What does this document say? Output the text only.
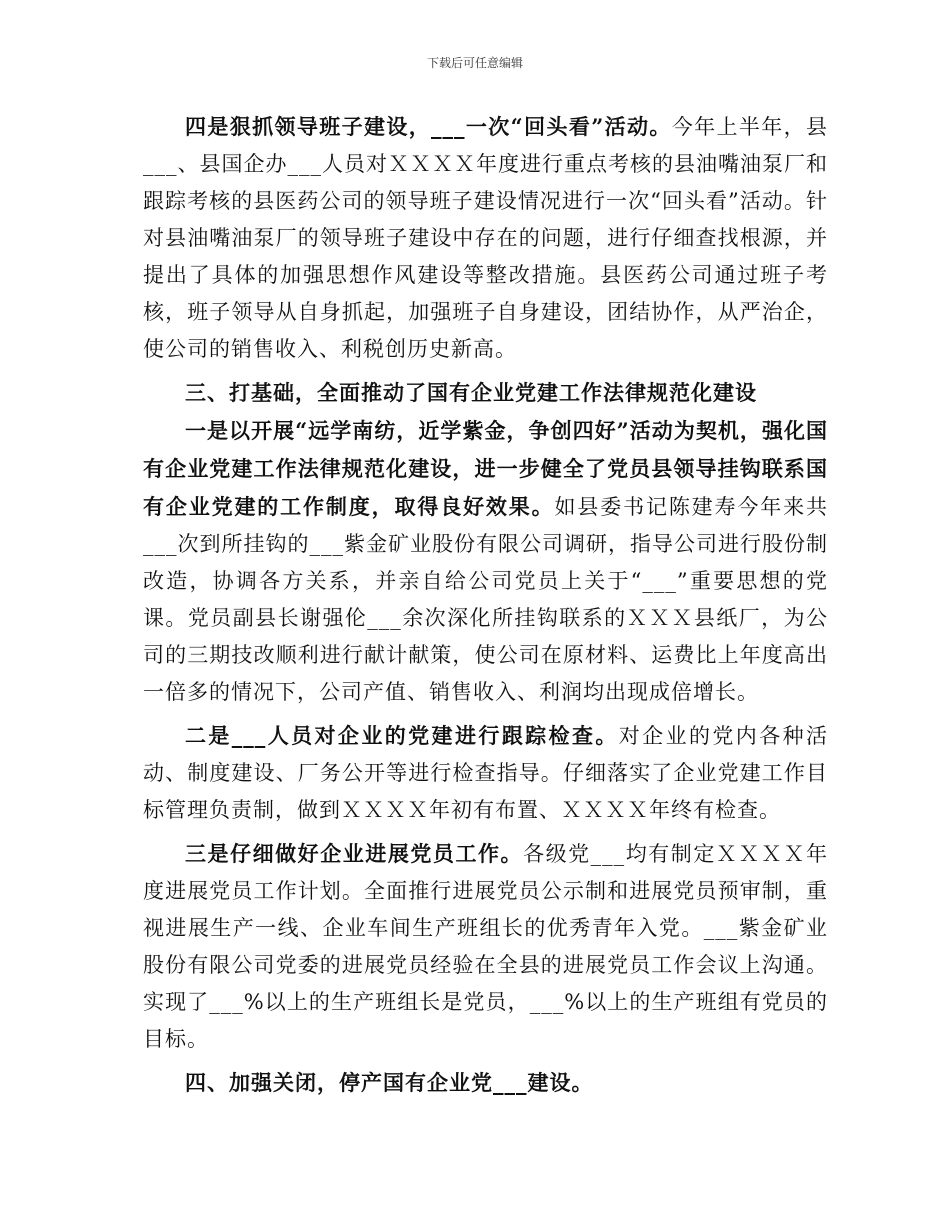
下载后可任意编辑

四是狠抓领导班子建设，___一次“回头看”活动。今年上半年，县___、县国企办___人员对ＸＸＸＸ年度进行重点考核的县油嘴油泵厂和跟踪考核的县医药公司的领导班子建设情况进行一次“回头看”活动。针对县油嘴油泵厂的领导班子建设中存在的问题，进行仔细查找根源，并提出了具体的加强思想作风建设等整改措施。县医药公司通过班子考核，班子领导从自身抓起，加强班子自身建设，团结协作，从严治企，使公司的销售收入、利税创历史新高。

三、打基础，全面推动了国有企业党建工作法律规范化建设

一是以开展“远学南纺，近学紫金，争创四好”活动为契机，强化国有企业党建工作法律规范化建设，进一步健全了党员县领导挂钩联系国有企业党建的工作制度，取得良好效果。如县委书记陈建寿今年来共___次到所挂钩的___紫金矿业股份有限公司调研，指导公司进行股份制改造，协调各方关系，并亲自给公司党员上关于“___”重要思想的党课。党员副县长谢强伦___余次深化所挂钩联系的ＸＸＸ县纸厂，为公司的三期技改顺利进行献计献策，使公司在原材料、运费比上年度高出一倍多的情况下，公司产值、销售收入、利润均出现成倍增长。

二是___人员对企业的党建进行跟踪检查。对企业的党内各种活动、制度建设、厂务公开等进行检查指导。仔细落实了企业党建工作目标管理负责制，做到ＸＸＸＸ年初有布置、ＸＸＸＸ年终有检查。

三是仔细做好企业进展党员工作。各级党___均有制定ＸＸＸＸ年度进展党员工作计划。全面推行进展党员公示制和进展党员预审制，重视进展生产一线、企业车间生产班组长的优秀青年入党。___紫金矿业股份有限公司党委的进展党员经验在全县的进展党员工作会议上沟通。实现了___%以上的生产班组长是党员，___%以上的生产班组有党员的目标。

四、加强关闭，停产国有企业党___建设。
